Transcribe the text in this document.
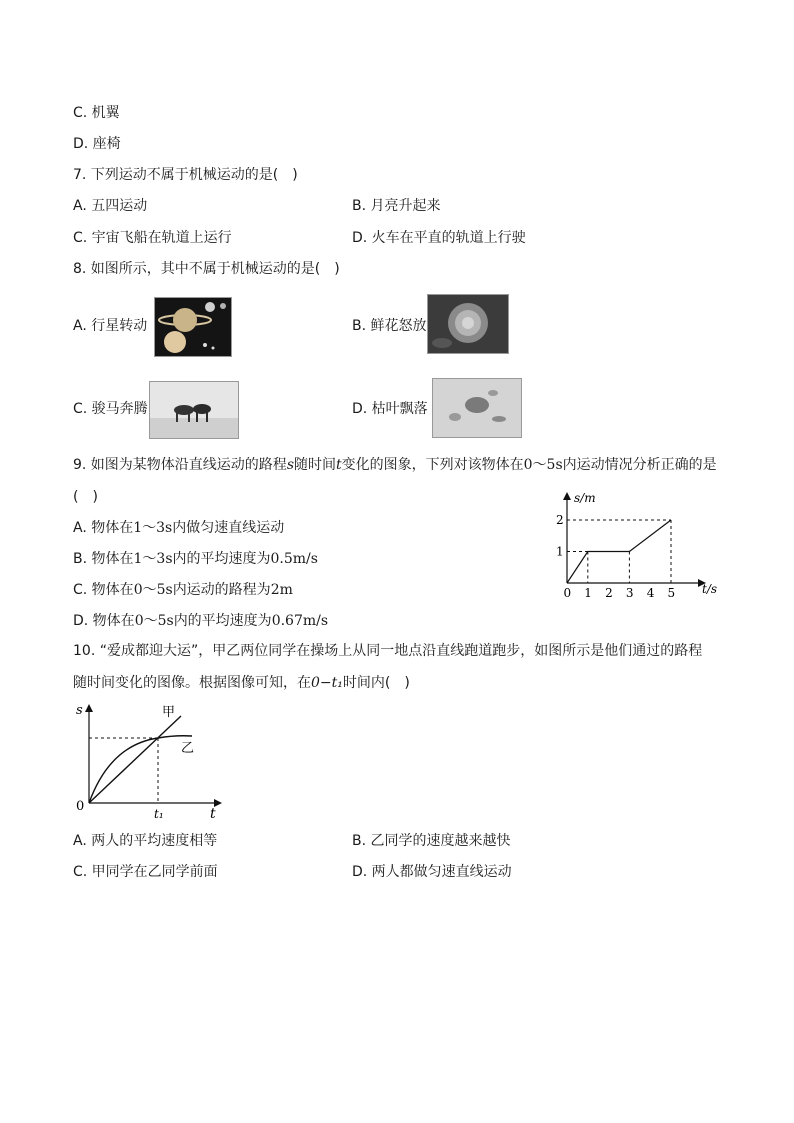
C. 机翼
D. 座椅
7. 下列运动不属于机械运动的是(　)
A. 五四运动	B. 月亮升起来
C. 宇宙飞船在轨道上运行	D. 火车在平直的轨道上行驶
8. 如图所示，其中不属于机械运动的是(　)
A. 行星转动	B. 鲜花怒放
C. 骏马奔腾	D. 枯叶飘落
9. 如图为某物体沿直线运动的路程s随时间t变化的图象，下列对该物体在0～5s内运动情况分析正确的是
(　)
A. 物体在1～3s内做匀速直线运动
B. 物体在1～3s内的平均速度为0.5m/s
C. 物体在0～5s内运动的路程为2m
D. 物体在0～5s内的平均速度为0.67m/s
s/m
t/s
0 1 2 3 4 5
1
2
10. “爱成都迎大运”，甲乙两位同学在操场上从同一地点沿直线跑道跑步，如图所示是他们通过的路程
随时间变化的图像。根据图像可知，在0−t₁时间内(　)
s
t
0
甲
乙
t₁
A. 两人的平均速度相等	B. 乙同学的速度越来越快
C. 甲同学在乙同学前面	D. 两人都做匀速直线运动
